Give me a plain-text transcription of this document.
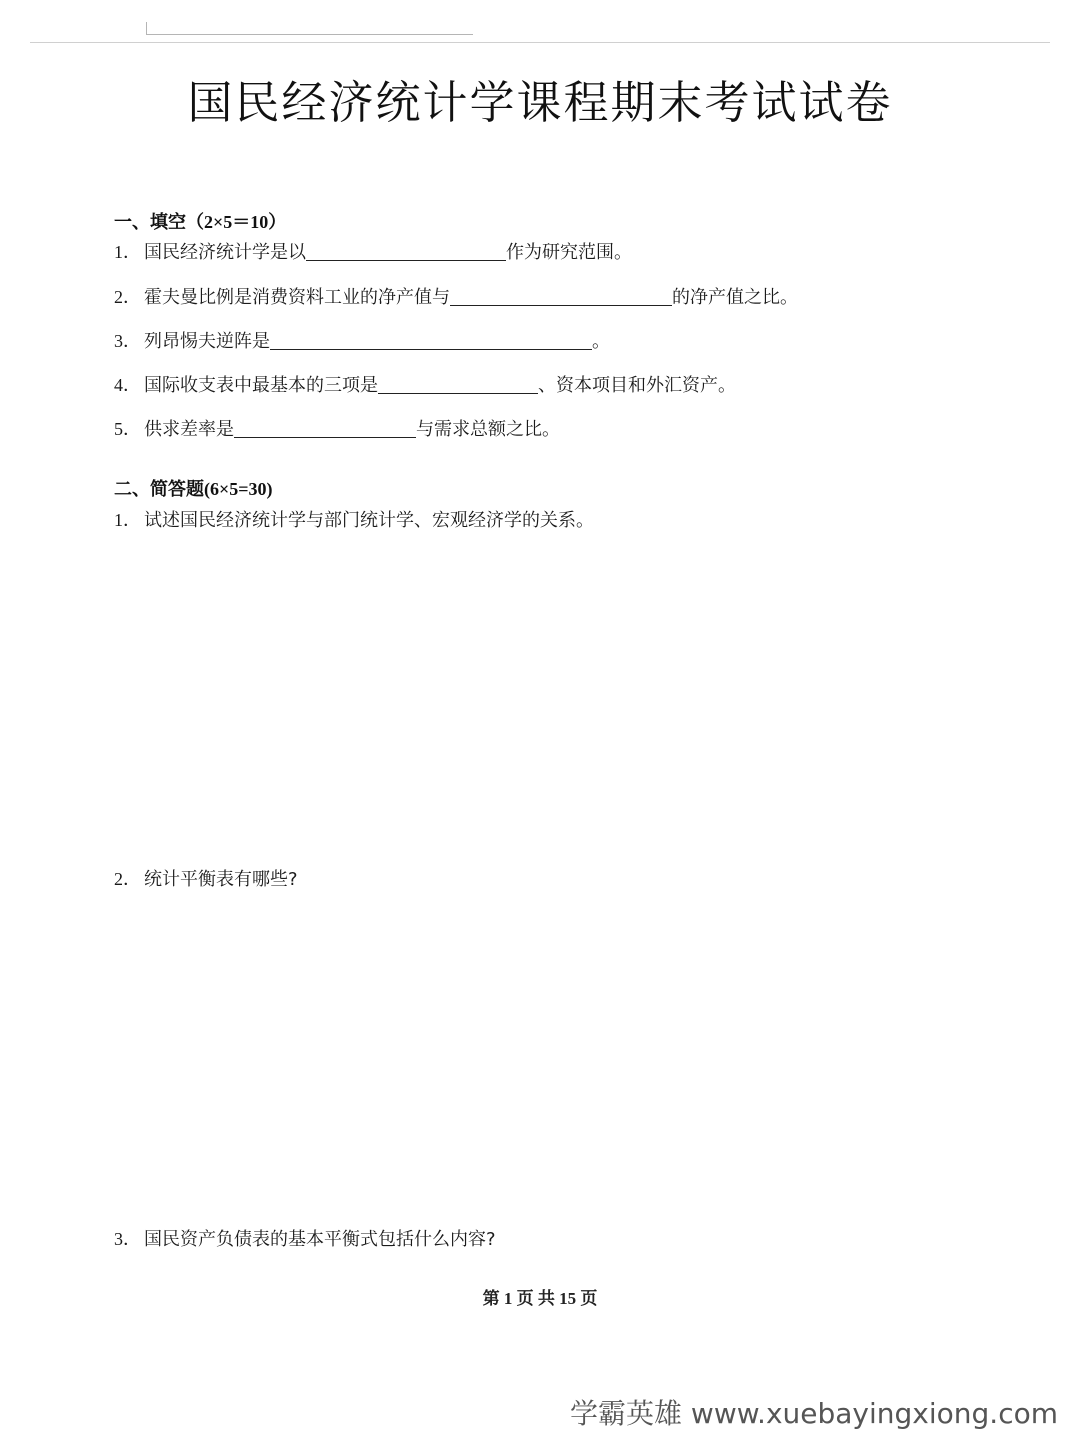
国民经济统计学课程期末考试试卷
一、填空（2×5＝10）
1． 国民经济统计学是以	作为研究范围。
2． 霍夫曼比例是消费资料工业的净产值与	的净产值之比。
3． 列昂惕夫逆阵是	。
4． 国际收支表中最基本的三项是	、资本项目和外汇资产。
5． 供求差率是	与需求总额之比。
二、简答题(6×5=30)
1． 试述国民经济统计学与部门统计学、宏观经济学的关系。
2． 统计平衡表有哪些?
3． 国民资产负债表的基本平衡式包括什么内容?
第 1 页 共 15 页
学霸英雄 www.xuebayingxiong.com
